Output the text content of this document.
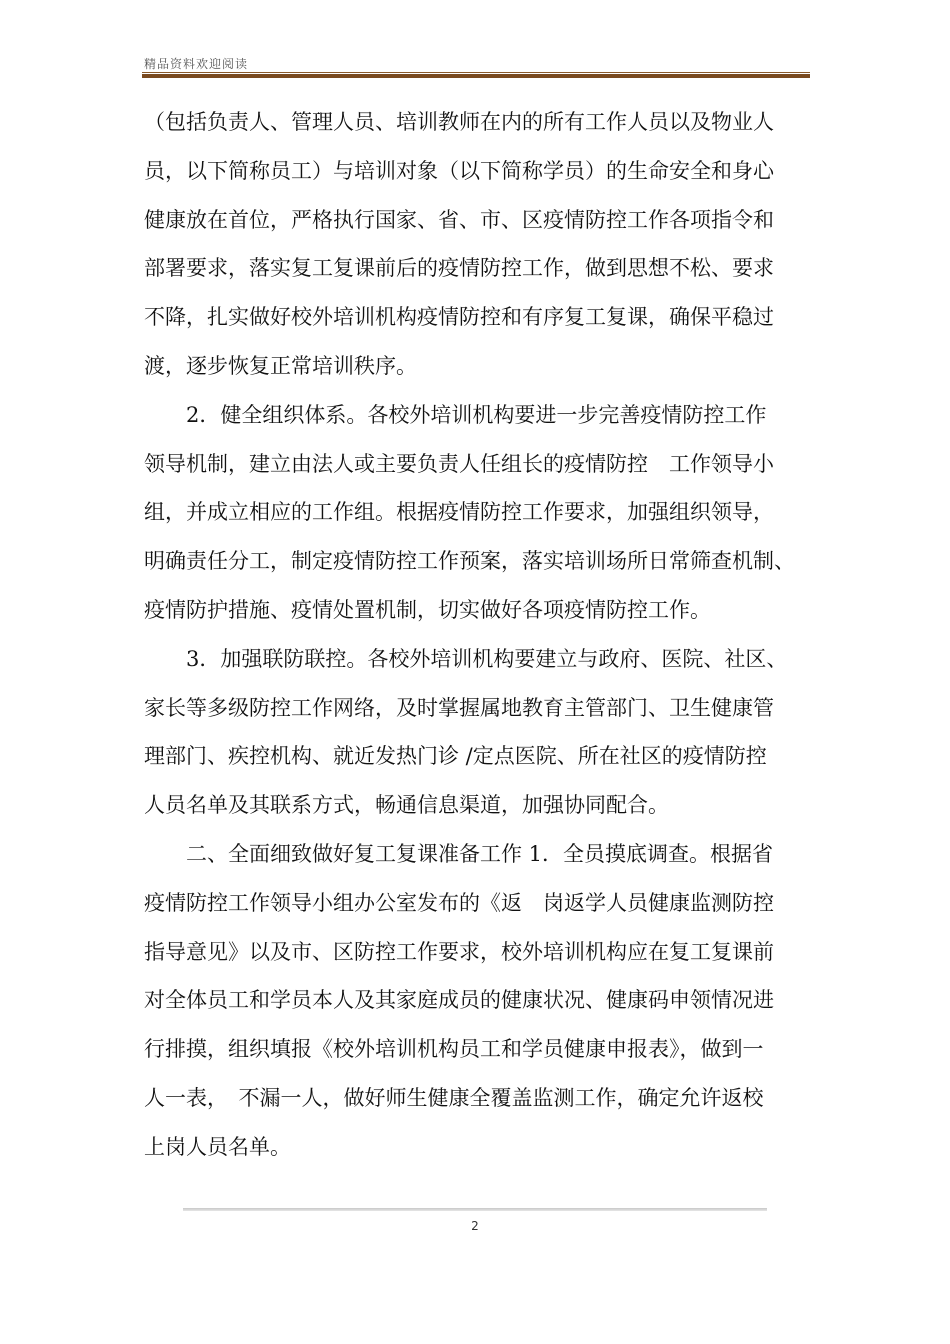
精品资料欢迎阅读
（包括负责人、管理人员、培训教师在内的所有工作人员以及物业人
员，以下简称员工）与培训对象（以下简称学员）的生命安全和身心
健康放在首位，严格执行国家、省、市、区疫情防控工作各项指令和
部署要求，落实复工复课前后的疫情防控工作，做到思想不松、要求
不降，扎实做好校外培训机构疫情防控和有序复工复课，确保平稳过
渡，逐步恢复正常培训秩序。
　　2．健全组织体系。各校外培训机构要进一步完善疫情防控工作
领导机制，建立由法人或主要负责人任组长的疫情防控　工作领导小
组，并成立相应的工作组。根据疫情防控工作要求，加强组织领导，
明确责任分工，制定疫情防控工作预案，落实培训场所日常筛查机制、
疫情防护措施、疫情处置机制，切实做好各项疫情防控工作。
　　3．加强联防联控。各校外培训机构要建立与政府、医院、社区、
家长等多级防控工作网络，及时掌握属地教育主管部门、卫生健康管
理部门、疾控机构、就近发热门诊 /定点医院、所在社区的疫情防控
人员名单及其联系方式，畅通信息渠道，加强协同配合。
　　二、全面细致做好复工复课准备工作 1．全员摸底调查。根据省
疫情防控工作领导小组办公室发布的《返　岗返学人员健康监测防控
指导意见》以及市、区防控工作要求，校外培训机构应在复工复课前
对全体员工和学员本人及其家庭成员的健康状况、健康码申领情况进
行排摸，组织填报《校外培训机构员工和学员健康申报表》，做到一
人一表，　不漏一人，做好师生健康全覆盖监测工作，确定允许返校
上岗人员名单。
2
